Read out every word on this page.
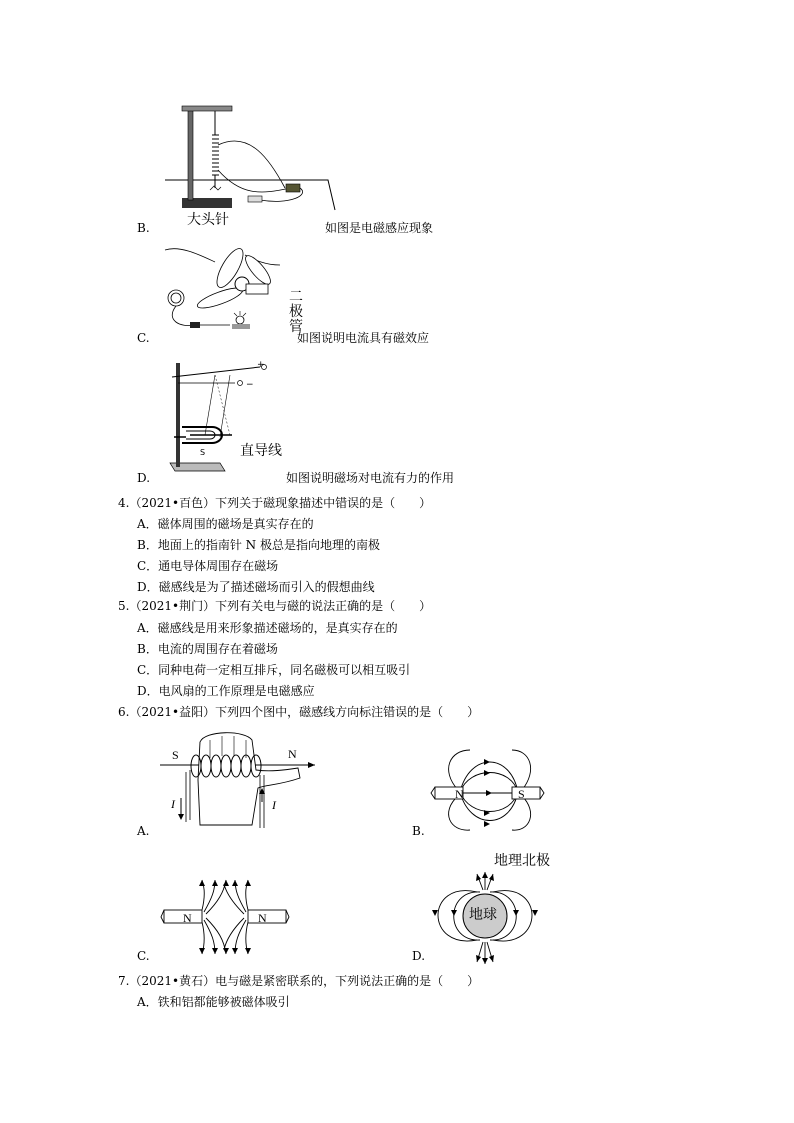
大头针
B.	如图是电磁感应现象
二极管
C.	如图说明电流具有磁效应
+
−
S 直导线
D.	如图说明磁场对电流有力的作用
4.（2021•百色）下列关于磁现象描述中错误的是（　　）
A．磁体周围的磁场是真实存在的
B．地面上的指南针 N 极总是指向地理的南极
C．通电导体周围存在磁场
D．磁感线是为了描述磁场而引入的假想曲线
5.（2021•荆门）下列有关电与磁的说法正确的是（　　）
A．磁感线是用来形象描述磁场的，是真实存在的
B．电流的周围存在着磁场
C．同种电荷一定相互排斥，同名磁极可以相互吸引
D．电风扇的工作原理是电磁感应
6.（2021•益阳）下列四个图中，磁感线方向标注错误的是（　　）
S	N
I	I
A.
N	S
B.
N	N
C.
地理北极
地球
D.
7.（2021•黄石）电与磁是紧密联系的，下列说法正确的是（　　）
A．铁和铝都能够被磁体吸引
